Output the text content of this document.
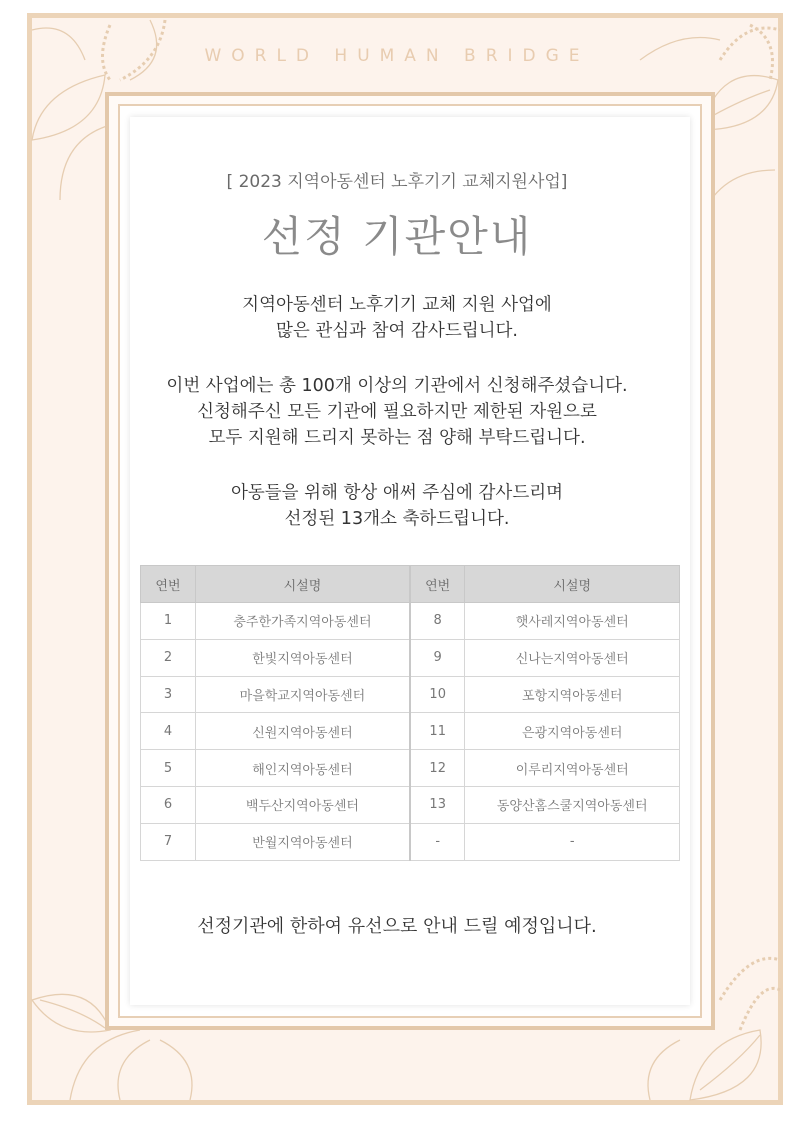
WORLD HUMAN BRIDGE
[ 2023 지역아동센터 노후기기 교체지원사업]
선정 기관안내
지역아동센터 노후기기 교체 지원 사업에
많은 관심과 참여 감사드립니다.
이번 사업에는 총 100개 이상의 기관에서 신청해주셨습니다.
신청해주신 모든 기관에 필요하지만 제한된 자원으로
모두 지원해 드리지 못하는 점 양해 부탁드립니다.
아동들을 위해 항상 애써 주심에 감사드리며
선정된 13개소 축하드립니다.
연번	시설명	연번	시설명
1	충주한가족지역아동센터	8	햇사레지역아동센터
2	한빛지역아동센터	9	신나는지역아동센터
3	마을학교지역아동센터	10	포항지역아동센터
4	신원지역아동센터	11	은광지역아동센터
5	해인지역아동센터	12	이루리지역아동센터
6	백두산지역아동센터	13	동양산홈스쿨지역아동센터
7	반월지역아동센터	-	-
선정기관에 한하여 유선으로 안내 드릴 예정입니다.
